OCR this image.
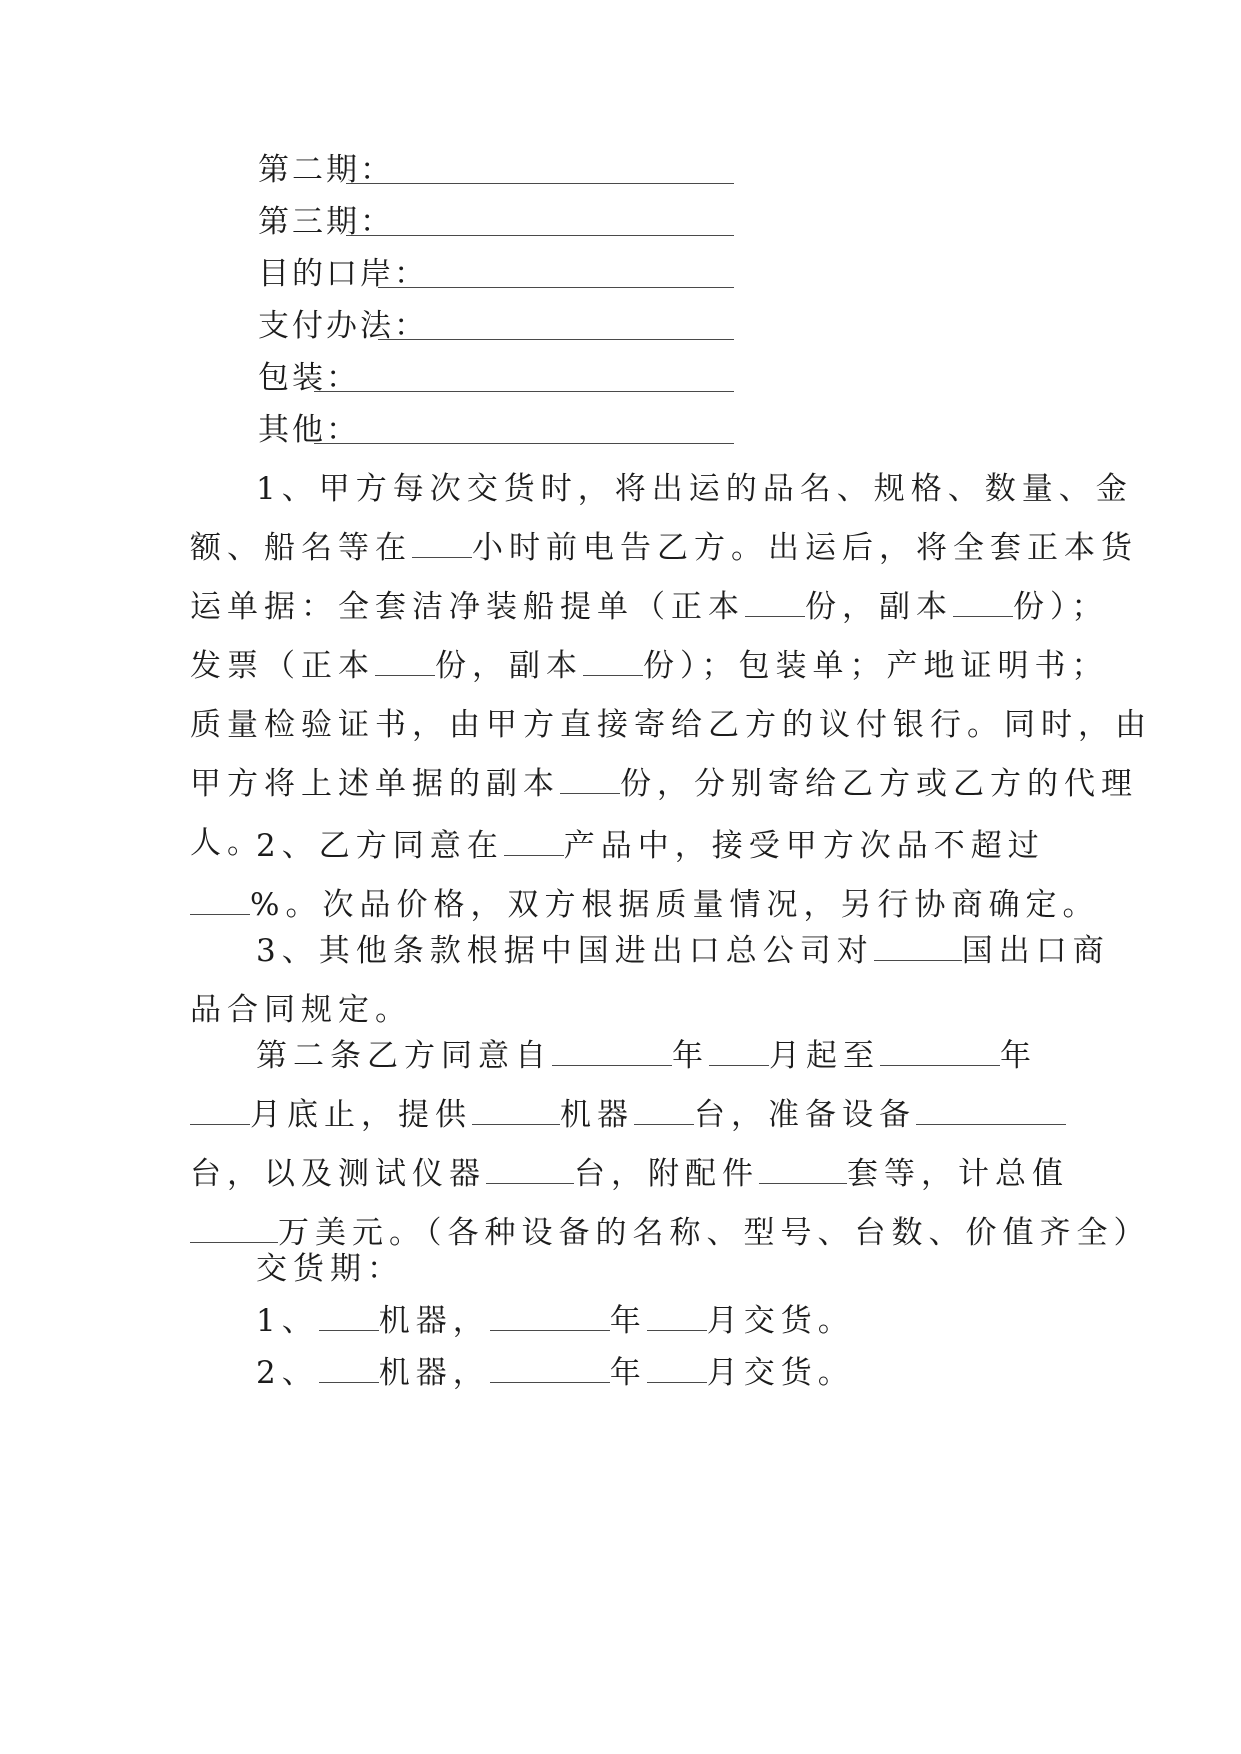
第二期：
第三期：
目的口岸：
支付办法：
包装：
其他：
1、甲方每次交货时，将出运的品名、规格、数量、金
额、船名等在 小时前电告乙方。出运后，将全套正本货
运单据：全套洁净装船提单（正本 份，副本 份）；
发票（正本 份，副本 份）；包装单；产地证明书；
质量检验证书，由甲方直接寄给乙方的议付银行。同时，由
甲方将上述单据的副本 份，分别寄给乙方或乙方的代理
人。
2、乙方同意在 产品中，接受甲方次品不超过
%。次品价格，双方根据质量情况，另行协商确定。
3、其他条款根据中国进出口总公司对	国出口商
品合同规定。
第二条乙方同意自	年 月起至	年
月底止，提供	机器 台，准备设备
台，以及测试仪器	台，附配件	套等，计总值
万美元。（各种设备的名称、型号、台数、价值齐全）
交货期：
1、 机器，	年 月交货。
2、 机器，	年 月交货。
